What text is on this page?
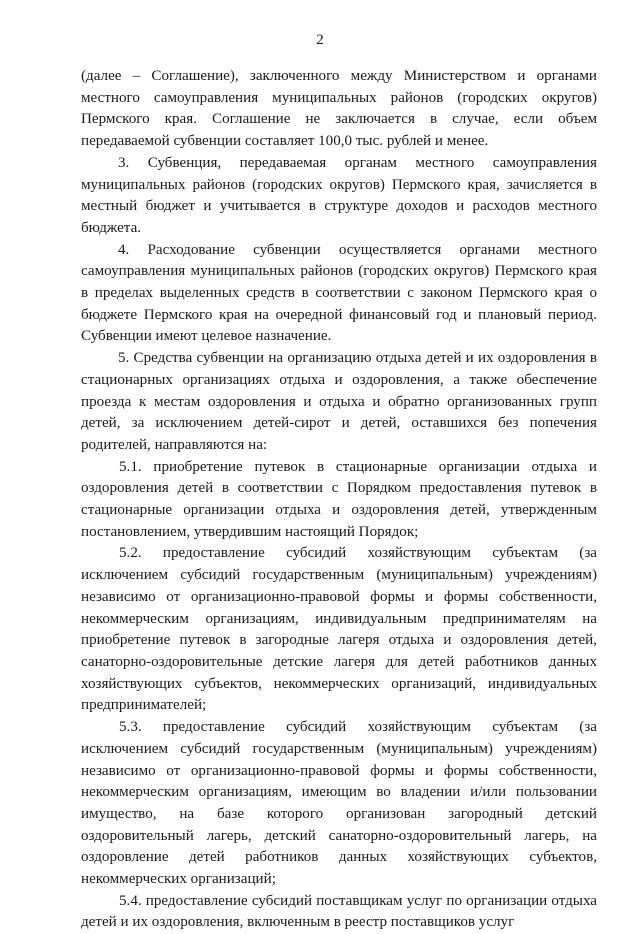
2

(далее – Соглашение), заключенного между Министерством и органами местного самоуправления муниципальных районов (городских округов) Пермского края. Соглашение не заключается в случае, если объем передаваемой субвенции составляет 100,0 тыс. рублей и менее.

3. Субвенция, передаваемая органам местного самоуправления муниципальных районов (городских округов) Пермского края, зачисляется в местный бюджет и учитывается в структуре доходов и расходов местного бюджета.

4. Расходование субвенции осуществляется органами местного самоуправления муниципальных районов (городских округов) Пермского края в пределах выделенных средств в соответствии с законом Пермского края о бюджете Пермского края на очередной финансовый год и плановый период. Субвенции имеют целевое назначение.

5. Средства субвенции на организацию отдыха детей и их оздоровления в стационарных организациях отдыха и оздоровления, а также обеспечение проезда к местам оздоровления и отдыха и обратно организованных групп детей, за исключением детей-сирот и детей, оставшихся без попечения родителей, направляются на:

5.1. приобретение путевок в стационарные организации отдыха и оздоровления детей в соответствии с Порядком предоставления путевок в стационарные организации отдыха и оздоровления детей, утвержденным постановлением, утвердившим настоящий Порядок;

5.2. предоставление субсидий хозяйствующим субъектам (за исключением субсидий государственным (муниципальным) учреждениям) независимо от организационно-правовой формы и формы собственности, некоммерческим организациям, индивидуальным предпринимателям на приобретение путевок в загородные лагеря отдыха и оздоровления детей, санаторно-оздоровительные детские лагеря для детей работников данных хозяйствующих субъектов, некоммерческих организаций, индивидуальных предпринимателей;

5.3. предоставление субсидий хозяйствующим субъектам (за исключением субсидий государственным (муниципальным) учреждениям) независимо от организационно-правовой формы и формы собственности, некоммерческим организациям, имеющим во владении и/или пользовании имущество, на базе которого организован загородный детский оздоровительный лагерь, детский санаторно-оздоровительный лагерь, на оздоровление детей работников данных хозяйствующих субъектов, некоммерческих организаций;

5.4. предоставление субсидий поставщикам услуг по организации отдыха детей и их оздоровления, включенным в реестр поставщиков услуг
